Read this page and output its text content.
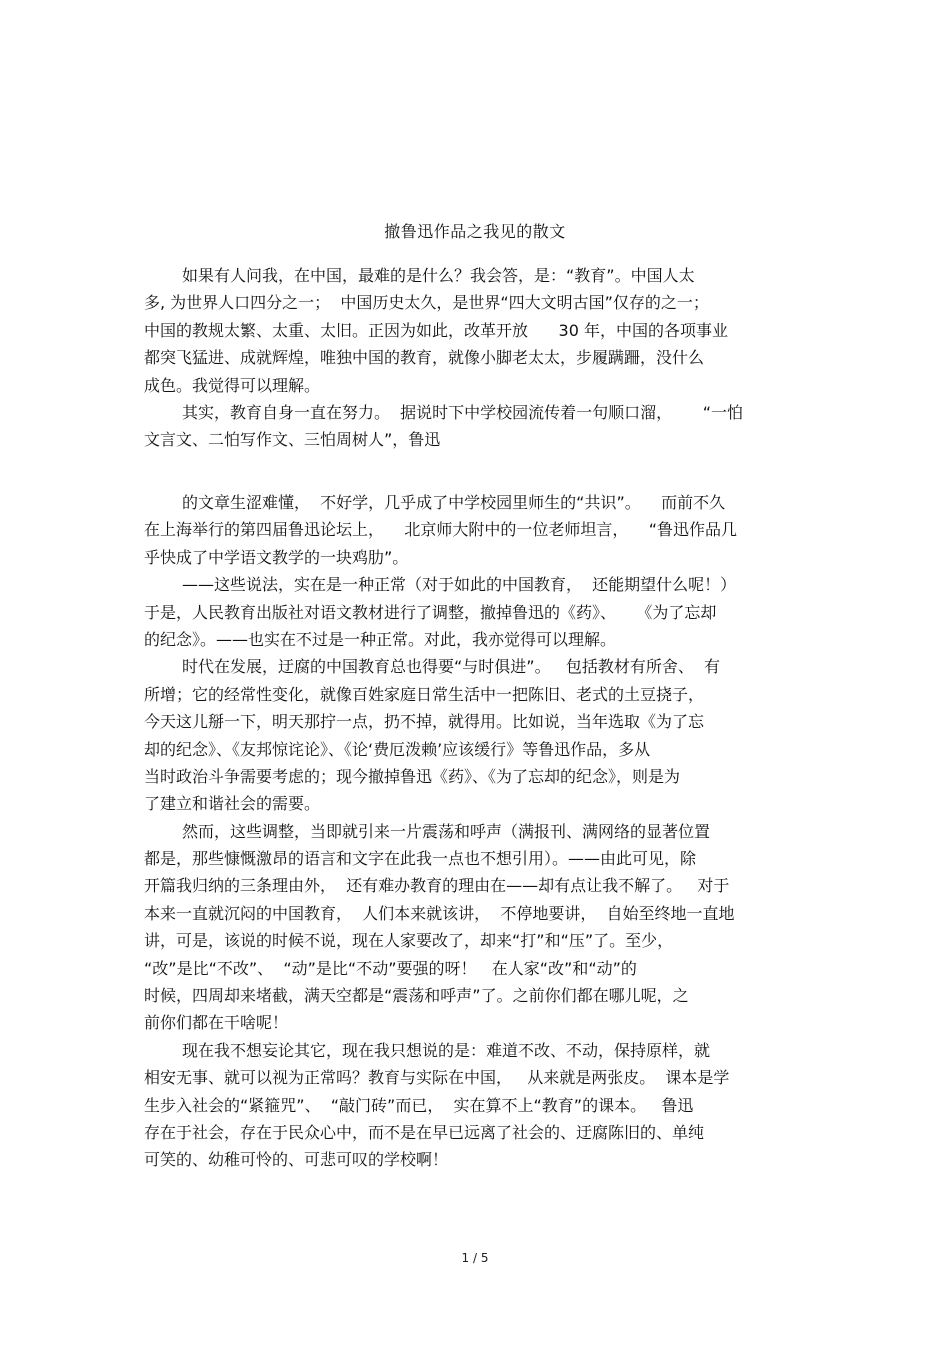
撤鲁迅作品之我见的散文
如果有人问我，在中国，最难的是什么？我会答，是：“教育”。中国人太
多, 为世界人口四分之一；  中国历史太久，是世界“四大文明古国”仅存的之一；
中国的教规太繁、太重、太旧。正因为如此，改革开放      30 年，中国的各项事业
都突飞猛进、成就辉煌，唯独中国的教育，就像小脚老太太，步履蹒跚，没什么
成色。我觉得可以理解。
其实，教育自身一直在努力。  据说时下中学校园流传着一句顺口溜，      “一怕
文言文、二怕写作文、三怕周树人”，鲁迅
的文章生涩难懂，  不好学，几乎成了中学校园里师生的“共识”。    而前不久
在上海举行的第四届鲁迅论坛上，    北京师大附中的一位老师坦言，    “鲁迅作品几
乎快成了中学语文教学的一块鸡肋”。
——这些说法，实在是一种正常（对于如此的中国教育，  还能期望什么呢！）
于是，人民教育出版社对语文教材进行了调整，撤掉鲁迅的《药》、    《为了忘却
的纪念》。——也实在不过是一种正常。对此，我亦觉得可以理解。
时代在发展，迂腐的中国教育总也得要“与时俱进”。   包括教材有所舍、  有
所增；它的经常性变化，就像百姓家庭日常生活中一把陈旧、老式的土豆挠子，
今天这儿掰一下，明天那拧一点，扔不掉，就得用。比如说，当年选取《为了忘
却的纪念》、《友邦惊诧论》、《论‘费厄泼赖’应该缓行》等鲁迅作品，多从
当时政治斗争需要考虑的；现今撤掉鲁迅《药》、《为了忘却的纪念》，则是为
了建立和谐社会的需要。
然而，这些调整，当即就引来一片震荡和呼声（满报刊、满网络的显著位置
都是，那些慷慨激昂的语言和文字在此我一点也不想引用）。——由此可见，除
开篇我归纳的三条理由外，  还有难办教育的理由在——却有点让我不解了。   对于
本来一直就沉闷的中国教育，  人们本来就该讲，  不停地要讲，  自始至终地一直地
讲，可是，该说的时候不说，现在人家要改了，却来“打”和“压”了。至少，
“改”是比“不改”、  “动”是比“不动”要强的呀！   在人家“改”和“动”的
时候，四周却来堵截，满天空都是“震荡和呼声”了。之前你们都在哪儿呢，之
前你们都在干啥呢！
现在我不想妄论其它，现在我只想说的是：难道不改、不动，保持原样，就
相安无事、就可以视为正常吗？教育与实际在中国，   从来就是两张皮。  课本是学
生步入社会的“紧箍咒”、  “敲门砖”而已，  实在算不上“教育”的课本。   鲁迅
存在于社会，存在于民众心中，而不是在早已远离了社会的、迂腐陈旧的、单纯
可笑的、幼稚可怜的、可悲可叹的学校啊！
1 / 5
